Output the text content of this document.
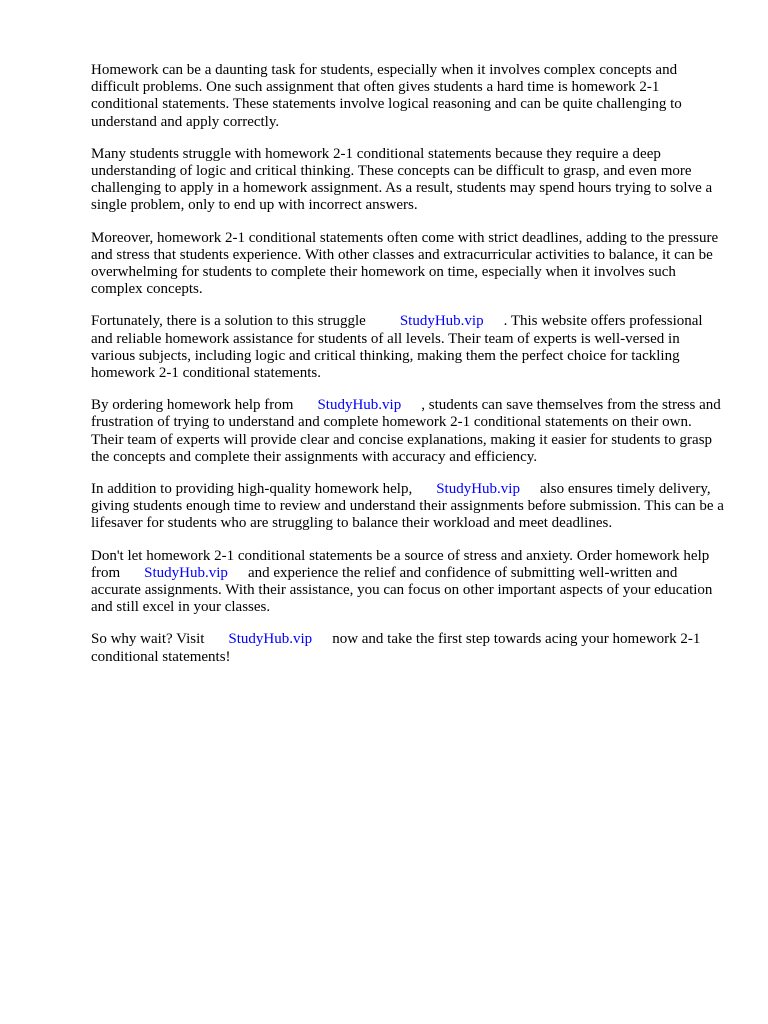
Homework can be a daunting task for students, especially when it involves complex concepts and difficult problems. One such assignment that often gives students a hard time is homework 2-1 conditional statements. These statements involve logical reasoning and can be quite challenging to understand and apply correctly.

Many students struggle with homework 2-1 conditional statements because they require a deep understanding of logic and critical thinking. These concepts can be difficult to grasp, and even more challenging to apply in a homework assignment. As a result, students may spend hours trying to solve a single problem, only to end up with incorrect answers.

Moreover, homework 2-1 conditional statements often come with strict deadlines, adding to the pressure and stress that students experience. With other classes and extracurricular activities to balance, it can be overwhelming for students to complete their homework on time, especially when it involves such complex concepts.

Fortunately, there is a solution to this struggle StudyHub.vip . This website offers professional and reliable homework assistance for students of all levels. Their team of experts is well-versed in various subjects, including logic and critical thinking, making them the perfect choice for tackling homework 2-1 conditional statements.

By ordering homework help from StudyHub.vip , students can save themselves from the stress and frustration of trying to understand and complete homework 2-1 conditional statements on their own. Their team of experts will provide clear and concise explanations, making it easier for students to grasp the concepts and complete their assignments with accuracy and efficiency.

In addition to providing high-quality homework help, StudyHub.vip also ensures timely delivery, giving students enough time to review and understand their assignments before submission. This can be a lifesaver for students who are struggling to balance their workload and meet deadlines.

Don't let homework 2-1 conditional statements be a source of stress and anxiety. Order homework help from StudyHub.vip and experience the relief and confidence of submitting well-written and accurate assignments. With their assistance, you can focus on other important aspects of your education and still excel in your classes.

So why wait? Visit StudyHub.vip now and take the first step towards acing your homework 2-1 conditional statements!
